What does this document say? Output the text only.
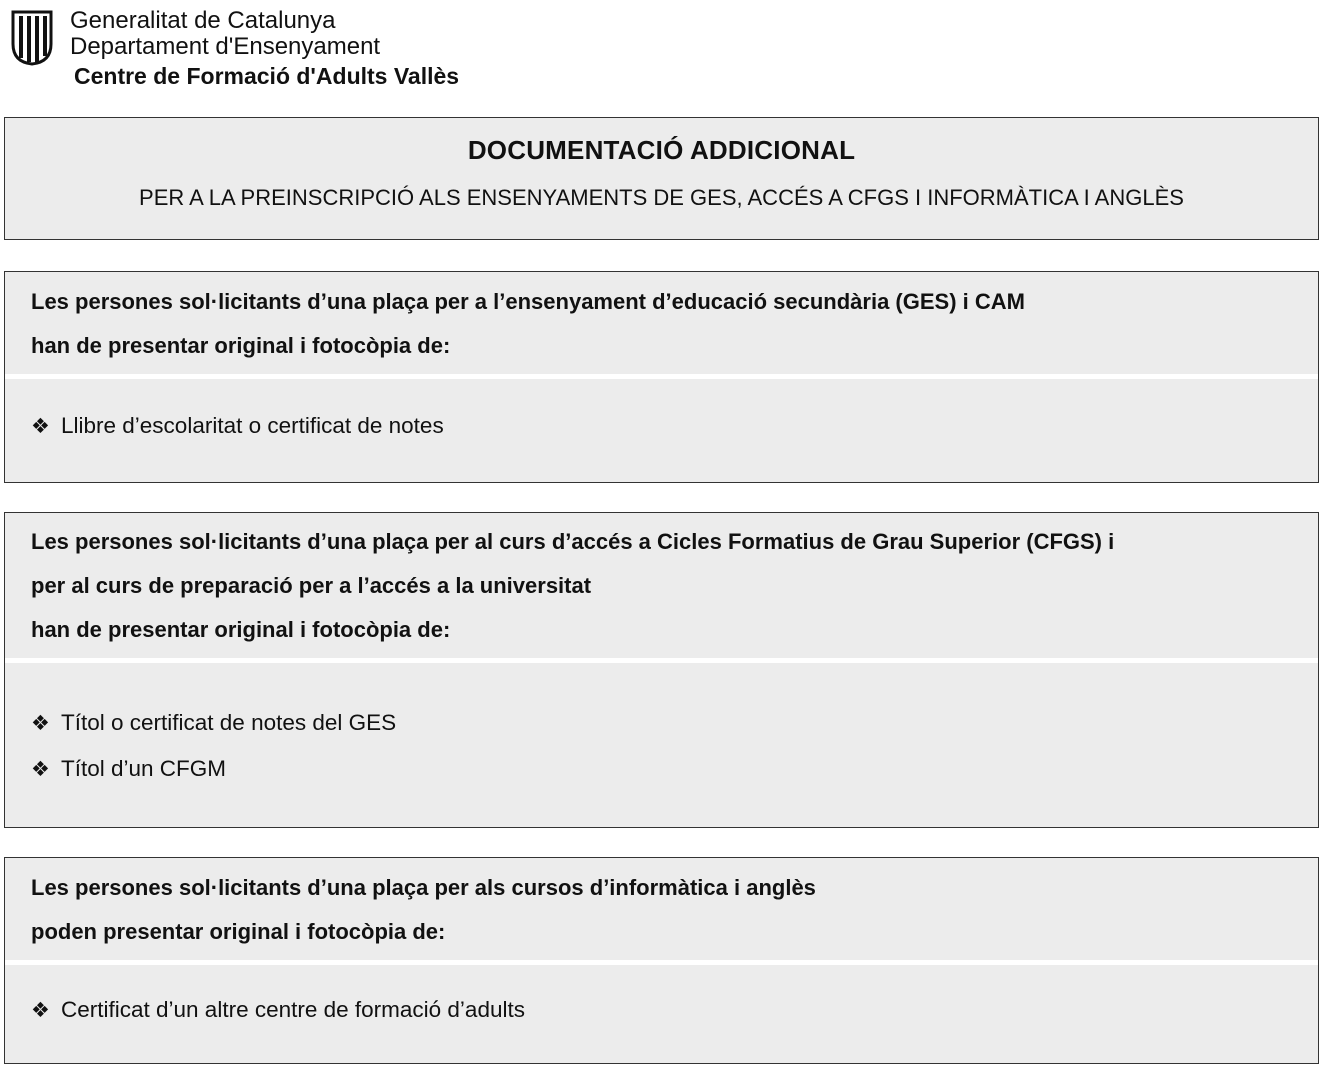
Generalitat de Catalunya
Departament d'Ensenyament
Centre de Formació d'Adults Vallès
DOCUMENTACIÓ ADDICIONAL
PER A LA PREINSCRIPCIÓ ALS ENSENYAMENTS DE GES, ACCÉS A CFGS I INFORMÀTICA I ANGLÈS
Les persones sol·licitants d’una plaça per a l’ensenyament d’educació secundària (GES) i CAM
han de presentar original i fotocòpia de:
❖ Llibre d’escolaritat o certificat de notes
Les persones sol·licitants d’una plaça per al curs d’accés a Cicles Formatius de Grau Superior (CFGS) i
per al curs de preparació per a l’accés a la universitat
han de presentar original i fotocòpia de:
❖ Títol o certificat de notes del GES
❖ Títol d’un CFGM
Les persones sol·licitants d’una plaça per als cursos d’informàtica i anglès
poden presentar original i fotocòpia de:
❖ Certificat d’un altre centre de formació d’adults
